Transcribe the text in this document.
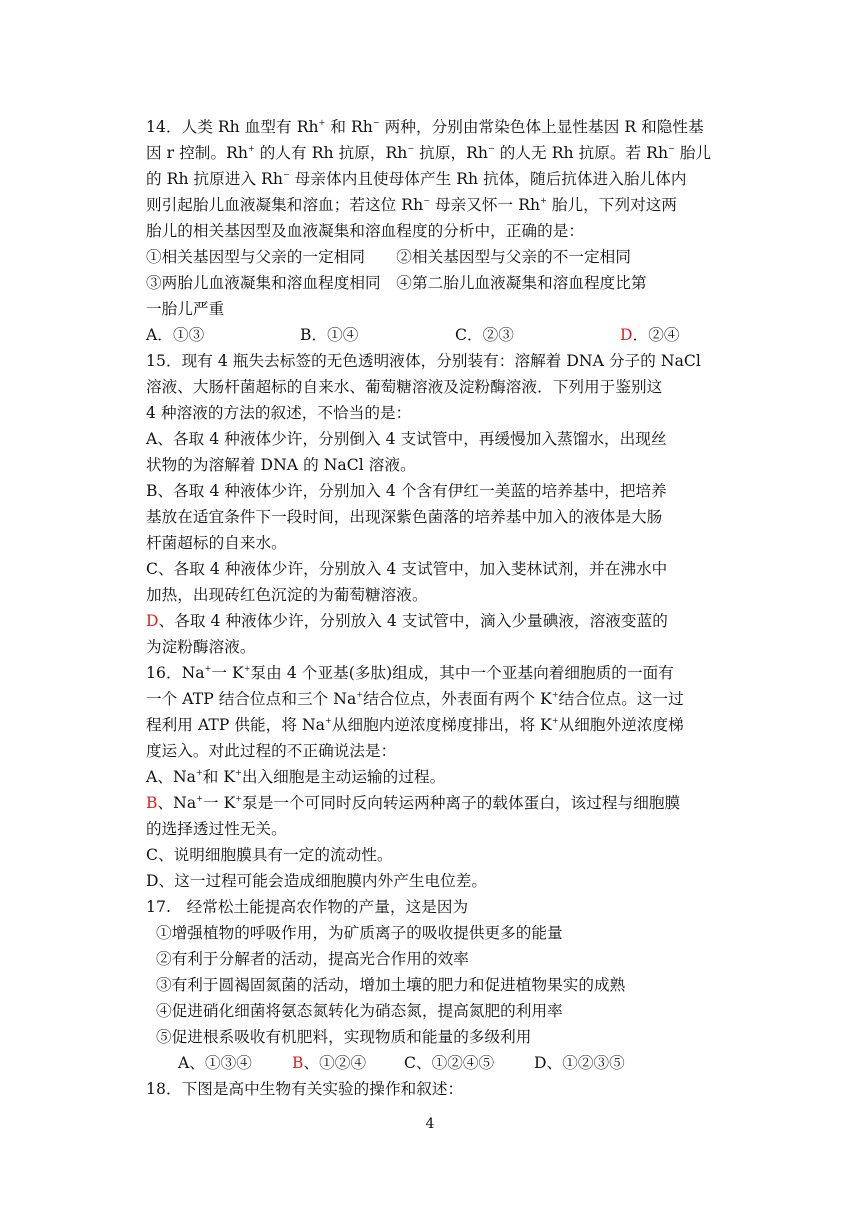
14．人类 Rh 血型有 Rh+ 和 Rh− 两种，分别由常染色体上显性基因 R 和隐性基
因 r 控制。Rh+ 的人有 Rh 抗原，Rh− 抗原，Rh− 的人无 Rh 抗原。若 Rh− 胎儿
的 Rh 抗原进入 Rh− 母亲体内且使母体产生 Rh 抗体，随后抗体进入胎儿体内
则引起胎儿血液凝集和溶血；若这位 Rh− 母亲又怀一 Rh+ 胎儿，下列对这两
胎儿的相关基因型及血液凝集和溶血程度的分析中，正确的是：
①相关基因型与父亲的一定相同　　②相关基因型与父亲的不一定相同
③两胎儿血液凝集和溶血程度相同　④第二胎儿血液凝集和溶血程度比第
一胎儿严重
A．①③	B．①④	C．②③	D．②④
15．现有 4 瓶失去标签的无色透明液体，分别装有：溶解着 DNA 分子的 NaCl
溶液、大肠杆菌超标的自来水、葡萄糖溶液及淀粉酶溶液．下列用于鉴别这
4 种溶液的方法的叙述，不恰当的是：
A、各取 4 种液体少许，分别倒入 4 支试管中，再缓慢加入蒸馏水，出现丝
状物的为溶解着 DNA 的 NaCl 溶液。
B、各取 4 种液体少许，分别加入 4 个含有伊红一美蓝的培养基中，把培养
基放在适宜条件下一段时间，出现深紫色菌落的培养基中加入的液体是大肠
杆菌超标的自来水。
C、各取 4 种液体少许，分别放入 4 支试管中，加入斐林试剂，并在沸水中
加热，出现砖红色沉淀的为葡萄糖溶液。
D、各取 4 种液体少许，分别放入 4 支试管中，滴入少量碘液，溶液变蓝的
为淀粉酶溶液。
16．Na+一 K+泵由 4 个亚基(多肽)组成，其中一个亚基向着细胞质的一面有
一个 ATP 结合位点和三个 Na+结合位点，外表面有两个 K+结合位点。这一过
程利用 ATP 供能，将 Na+从细胞内逆浓度梯度排出，将 K+从细胞外逆浓度梯
度运入。对此过程的不正确说法是：
A、Na+和 K+出入细胞是主动运输的过程。
B、Na+一 K+泵是一个可同时反向转运两种离子的载体蛋白，该过程与细胞膜
的选择透过性无关。
C、说明细胞膜具有一定的流动性。
D、这一过程可能会造成细胞膜内外产生电位差。
17.　经常松土能提高农作物的产量，这是因为
①增强植物的呼吸作用，为矿质离子的吸收提供更多的能量
②有利于分解者的活动，提高光合作用的效率
③有利于圆褐固氮菌的活动，增加土壤的肥力和促进植物果实的成熟
④促进硝化细菌将氨态氮转化为硝态氮，提高氮肥的利用率
⑤促进根系吸收有机肥料，实现物质和能量的多级利用
A、①③④	B、①②④ C、①②④⑤	D、①②③⑤
18．下图是高中生物有关实验的操作和叙述：
4
